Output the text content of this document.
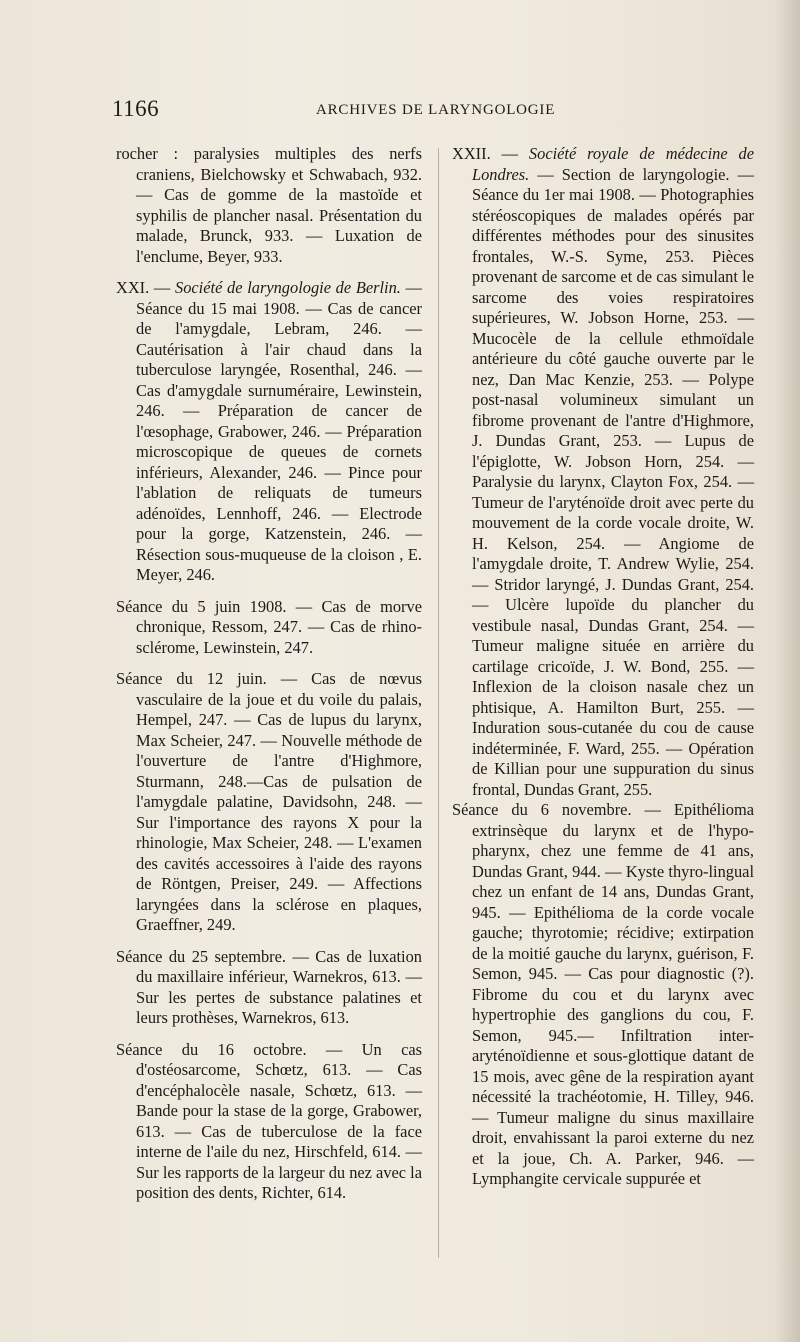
1166	ARCHIVES DE LARYNGOLOGIE

rocher : paralysies multiples des nerfs craniens, Bielchowsky et Schwabach, 932. — Cas de gomme de la mastoïde et syphilis de plancher nasal. Présentation du malade, Brunck, 933. — Luxation de l'enclume, Beyer, 933.

XXI. — Société de laryngologie de Berlin. — Séance du 15 mai 1908. — Cas de cancer de l'amygdale, Lebram, 246. — Cautérisation à l'air chaud dans la tuberculose laryngée, Rosenthal, 246. — Cas d'amygdale surnuméraire, Lewinstein, 246. — Préparation de cancer de l'œsophage, Grabower, 246. — Préparation microscopique de queues de cornets inférieurs, Alexander, 246. — Pince pour l'ablation de reliquats de tumeurs adénoïdes, Lennhoff, 246. — Electrode pour la gorge, Katzenstein, 246. — Résection sous-muqueuse de la cloison , E. Meyer, 246.

Séance du 5 juin 1908. — Cas de morve chronique, Ressom, 247. — Cas de rhino-sclérome, Lewinstein, 247.

Séance du 12 juin. — Cas de nœvus vasculaire de la joue et du voile du palais, Hempel, 247. — Cas de lupus du larynx, Max Scheier, 247. — Nouvelle méthode de l'ouverture de l'antre d'Highmore, Sturmann, 248.—Cas de pulsation de l'amygdale palatine, Davidsohn, 248. — Sur l'importance des rayons X pour la rhinologie, Max Scheier, 248. — L'examen des cavités accessoires à l'aide des rayons de Röntgen, Preiser, 249. — Affections laryngées dans la sclérose en plaques, Graeffner, 249.

Séance du 25 septembre. — Cas de luxation du maxillaire inférieur, Warnekros, 613. — Sur les pertes de substance palatines et leurs prothèses, Warnekros, 613.

Séance du 16 octobre. — Un cas d'ostéosarcome, Schœtz, 613. — Cas d'encéphalocèle nasale, Schœtz, 613. — Bande pour la stase de la gorge, Grabower, 613. — Cas de tuberculose de la face interne de l'aile du nez, Hirschfeld, 614. — Sur les rapports de la largeur du nez avec la position des dents, Richter, 614.

XXII. — Société royale de médecine de Londres. — Section de laryngologie. — Séance du 1er mai 1908. — Photographies stéréoscopiques de malades opérés par différentes méthodes pour des sinusites frontales, W.-S. Syme, 253. Pièces provenant de sarcome et de cas simulant le sarcome des voies respiratoires supérieures, W. Jobson Horne, 253. — Mucocèle de la cellule ethmoïdale antérieure du côté gauche ouverte par le nez, Dan Mac Kenzie, 253. — Polype post-nasal volumineux simulant un fibrome provenant de l'antre d'Highmore, J. Dundas Grant, 253. — Lupus de l'épiglotte, W. Jobson Horn, 254. — Paralysie du larynx, Clayton Fox, 254. — Tumeur de l'aryténoïde droit avec perte du mouvement de la corde vocale droite, W. H. Kelson, 254. — Angiome de l'amygdale droite, T. Andrew Wylie, 254. — Stridor laryngé, J. Dundas Grant, 254. — Ulcère lupoïde du plancher du vestibule nasal, Dundas Grant, 254. — Tumeur maligne située en arrière du cartilage cricoïde, J. W. Bond, 255. — Inflexion de la cloison nasale chez un phtisique, A. Hamilton Burt, 255. — Induration sous-cutanée du cou de cause indéterminée, F. Ward, 255. — Opération de Killian pour une suppuration du sinus frontal, Dundas Grant, 255.

Séance du 6 novembre. — Epithélioma extrinsèque du larynx et de l'hypo-pharynx, chez une femme de 41 ans, Dundas Grant, 944. — Kyste thyro-lingual chez un enfant de 14 ans, Dundas Grant, 945. — Epithélioma de la corde vocale gauche; thyrotomie; récidive; extirpation de la moitié gauche du larynx, guérison, F. Semon, 945. — Cas pour diagnostic (?). Fibrome du cou et du larynx avec hypertrophie des ganglions du cou, F. Semon, 945.— Infiltration inter-aryténoïdienne et sous-glottique datant de 15 mois, avec gêne de la respiration ayant nécessité la trachéotomie, H. Tilley, 946. — Tumeur maligne du sinus maxillaire droit, envahissant la paroi externe du nez et la joue, Ch. A. Parker, 946. — Lymphangite cervicale suppurée et
